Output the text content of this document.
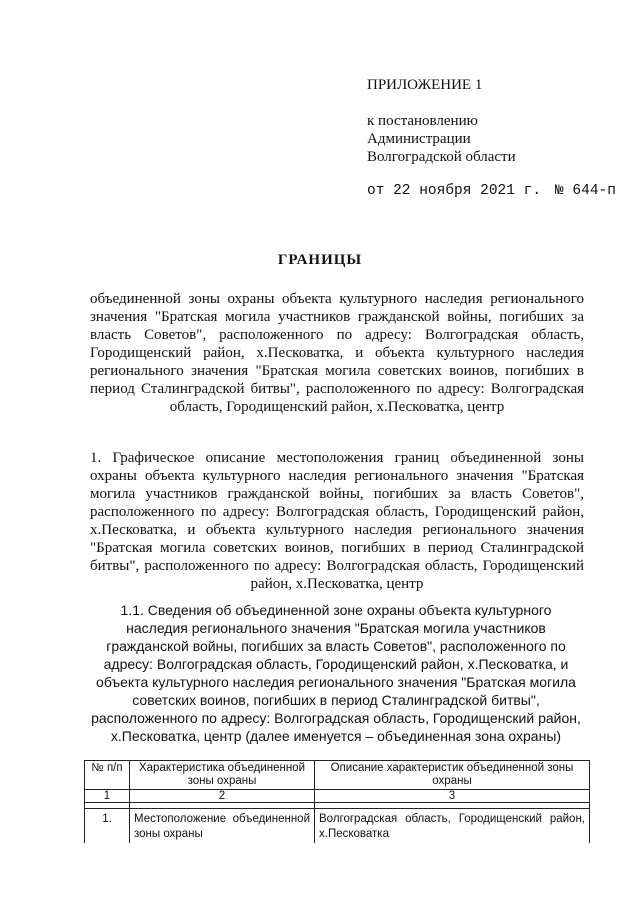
ПРИЛОЖЕНИЕ 1
к постановлению
Администрации
Волгоградской области
от 22 ноября 2021 г. № 644-п
ГРАНИЦЫ
объединенной зоны охраны объекта культурного наследия регионального значения "Братская могила участников гражданской войны, погибших за власть Советов", расположенного по адресу: Волгоградская область, Городищенский район, х.Песковатка, и объекта культурного наследия регионального значения "Братская могила советских воинов, погибших в период Сталинградской битвы", расположенного по адресу: Волгоградская область, Городищенский район, х.Песковатка, центр
1. Графическое описание местоположения границ объединенной зоны охраны объекта культурного наследия регионального значения "Братская могила участников гражданской войны, погибших за власть Советов", расположенного по адресу: Волгоградская область, Городищенский район, х.Песковатка, и объекта культурного наследия регионального значения "Братская могила советских воинов, погибших в период Сталинградской битвы", расположенного по адресу: Волгоградская область, Городищенский район, х.Песковатка, центр
1.1. Сведения об объединенной зоне охраны объекта культурного наследия регионального значения "Братская могила участников гражданской войны, погибших за власть Советов", расположенного по адресу: Волгоградская область, Городищенский район, х.Песковатка, и объекта культурного наследия регионального значения "Братская могила советских воинов, погибших в период Сталинградской битвы", расположенного по адресу: Волгоградская область, Городищенский район, х.Песковатка, центр (далее именуется – объединенная зона охраны)
№ п/п	Характеристика объединенной зоны охраны	Описание характеристик объединенной зоны охраны
1	2	3

1.	Местоположение объединенной зоны охраны	Волгоградская область, Городищенский район, х.Песковатка
